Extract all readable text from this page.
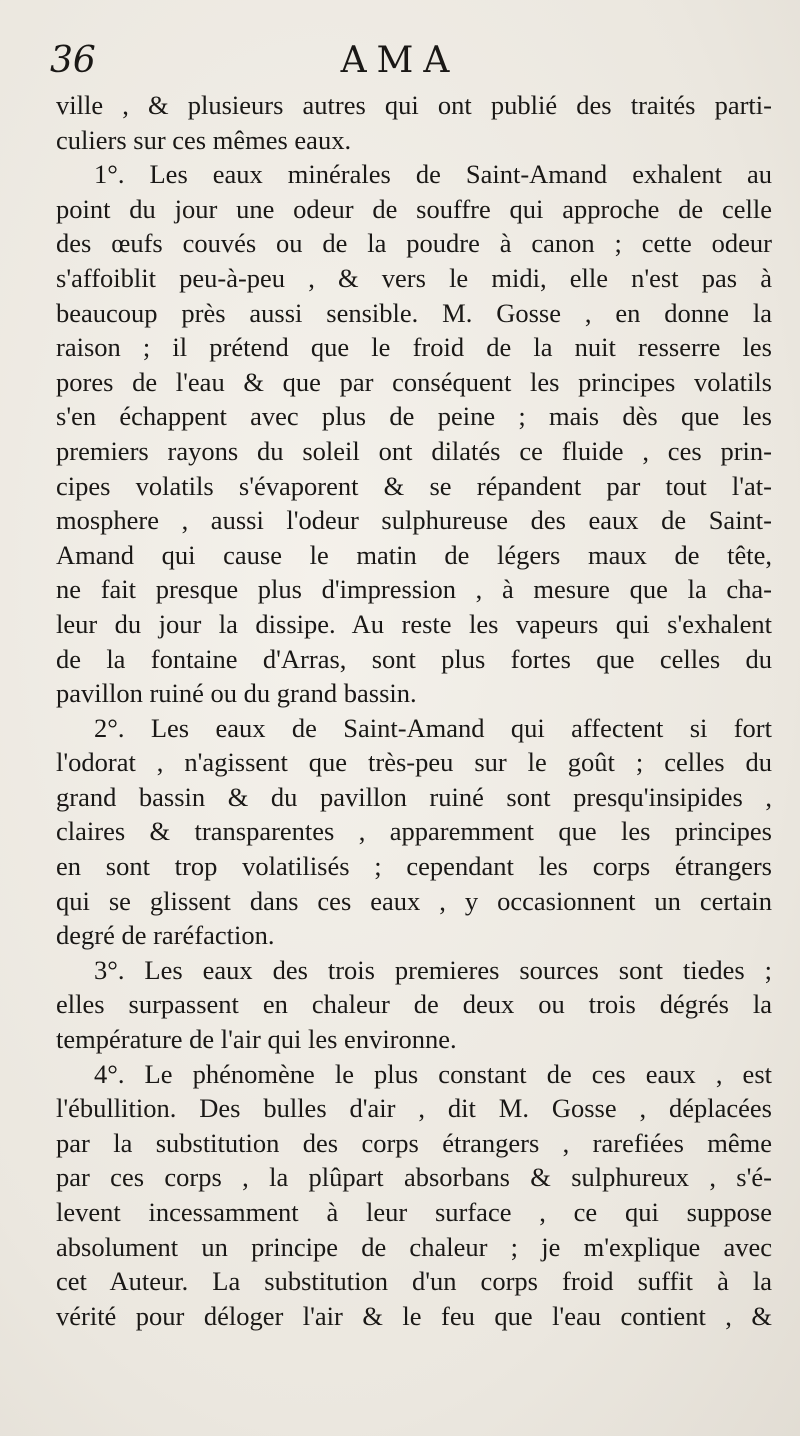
36	AMA
ville , & plusieurs autres qui ont publié des traités parti-
culiers sur ces mêmes eaux.
1°. Les eaux minérales de Saint-Amand exhalent au
point du jour une odeur de souffre qui approche de celle
des œufs couvés ou de la poudre à canon ; cette odeur
s'affoiblit peu-à-peu , & vers le midi, elle n'est pas à
beaucoup près aussi sensible. M. Gosse , en donne la
raison ; il prétend que le froid de la nuit resserre les
pores de l'eau & que par conséquent les principes volatils
s'en échappent avec plus de peine ; mais dès que les
premiers rayons du soleil ont dilatés ce fluide , ces prin-
cipes volatils s'évaporent & se répandent par tout l'at-
mosphere , aussi l'odeur sulphureuse des eaux de Saint-
Amand qui cause le matin de légers maux de tête,
ne fait presque plus d'impression , à mesure que la cha-
leur du jour la dissipe. Au reste les vapeurs qui s'exhalent
de la fontaine d'Arras, sont plus fortes que celles du
pavillon ruiné ou du grand bassin.
2°. Les eaux de Saint-Amand qui affectent si fort
l'odorat , n'agissent que très-peu sur le goût ; celles du
grand bassin & du pavillon ruiné sont presqu'insipides ,
claires & transparentes , apparemment que les principes
en sont trop volatilisés ; cependant les corps étrangers
qui se glissent dans ces eaux , y occasionnent un certain
degré de raréfaction.
3°. Les eaux des trois premieres sources sont tiedes ;
elles surpassent en chaleur de deux ou trois dégrés la
température de l'air qui les environne.
4°. Le phénomène le plus constant de ces eaux , est
l'ébullition. Des bulles d'air , dit M. Gosse , déplacées
par la substitution des corps étrangers , rarefiées même
par ces corps , la plûpart absorbans & sulphureux , s'é-
levent incessamment à leur surface , ce qui suppose
absolument un principe de chaleur ; je m'explique avec
cet Auteur. La substitution d'un corps froid suffit à la
vérité pour déloger l'air & le feu que l'eau contient , &
